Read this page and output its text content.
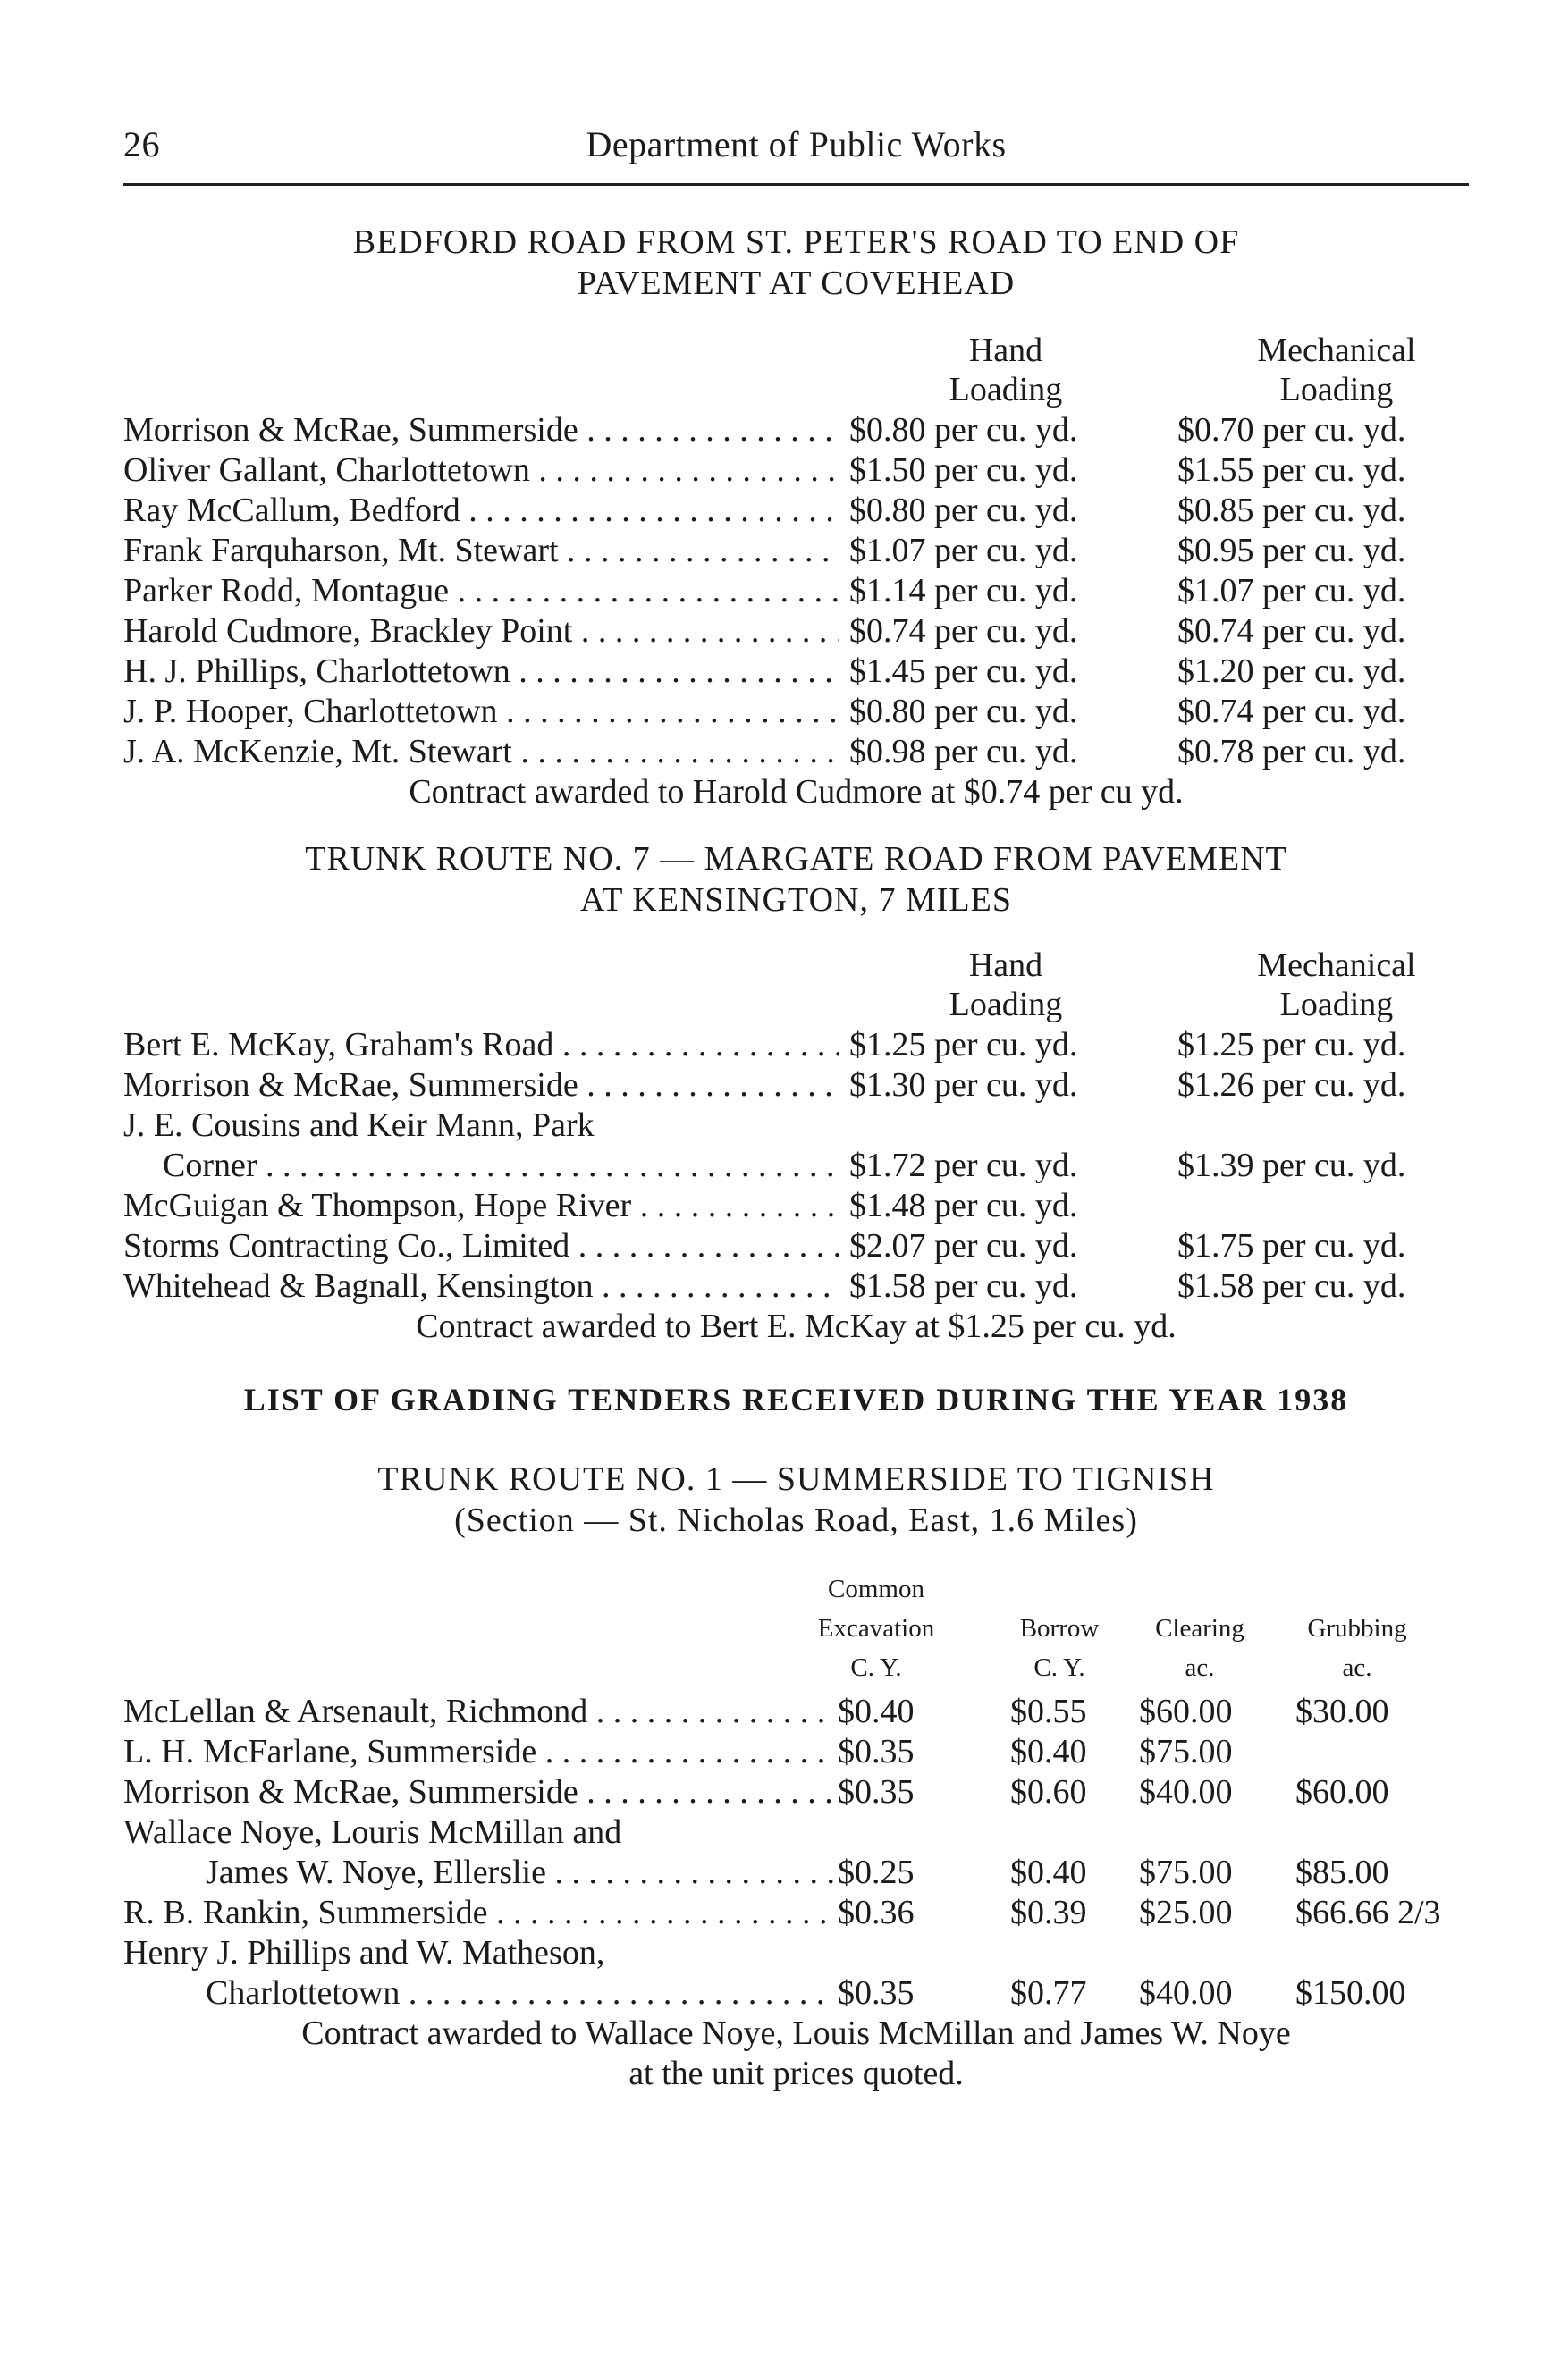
26	Department of Public Works
BEDFORD ROAD FROM ST. PETER'S ROAD TO END OF
PAVEMENT AT COVEHEAD
Hand
Loading
Mechanical
Loading
Morrison & McRae, Summerside . . .	$0.80 per cu. yd.	$0.70 per cu. yd.
Oliver Gallant, Charlottetown . . .	$1.50 per cu. yd.	$1.55 per cu. yd.
Ray McCallum, Bedford . . .	$0.80 per cu. yd.	$0.85 per cu. yd.
Frank Farquharson, Mt. Stewart . . .	$1.07 per cu. yd.	$0.95 per cu. yd.
Parker Rodd, Montague . . .	$1.14 per cu. yd.	$1.07 per cu. yd.
Harold Cudmore, Brackley Point . . .	$0.74 per cu. yd.	$0.74 per cu. yd.
H. J. Phillips, Charlottetown . . .	$1.45 per cu. yd.	$1.20 per cu. yd.
J. P. Hooper, Charlottetown . . .	$0.80 per cu. yd.	$0.74 per cu. yd.
J. A. McKenzie, Mt. Stewart . . .	$0.98 per cu. yd.	$0.78 per cu. yd.
Contract awarded to Harold Cudmore at $0.74 per cu yd.
TRUNK ROUTE NO. 7 — MARGATE ROAD FROM PAVEMENT
AT KENSINGTON, 7 MILES
Hand
Loading
Mechanical
Loading
Bert E. McKay, Graham's Road . . .	$1.25 per cu. yd.	$1.25 per cu. yd.
Morrison & McRae, Summerside . . .	$1.30 per cu. yd.	$1.26 per cu. yd.
J. E. Cousins and Keir Mann, Park
Corner . . .	$1.72 per cu. yd.	$1.39 per cu. yd.
McGuigan & Thompson, Hope River . . .	$1.48 per cu. yd.
Storms Contracting Co., Limited . . .	$2.07 per cu. yd.	$1.75 per cu. yd.
Whitehead & Bagnall, Kensington . . .	$1.58 per cu. yd.	$1.58 per cu. yd.
Contract awarded to Bert E. McKay at $1.25 per cu. yd.
LIST OF GRADING TENDERS RECEIVED DURING THE YEAR 1938
TRUNK ROUTE NO. 1 — SUMMERSIDE TO TIGNISH
(Section — St. Nicholas Road, East, 1.6 Miles)
Common
Excavation
C. Y.
Borrow
C. Y.
Clearing
ac.
Grubbing
ac.
McLellan & Arsenault, Richmond . . .	$0.40	$0.55 $60.00 $30.00
L. H. McFarlane, Summerside . . .	$0.35	$0.40 $75.00
Morrison & McRae, Summerside . . .	$0.35	$0.60 $40.00 $60.00
Wallace Noye, Louris McMillan and
James W. Noye, Ellerslie . . .	$0.25	$0.40 $75.00 $85.00
R. B. Rankin, Summerside . . .	$0.36	$0.39 $25.00 $66.66 2/3
Henry J. Phillips and W. Matheson,
Charlottetown . . .	$0.35	$0.77 $40.00 $150.00
Contract awarded to Wallace Noye, Louis McMillan and James W. Noye
at the unit prices quoted.
